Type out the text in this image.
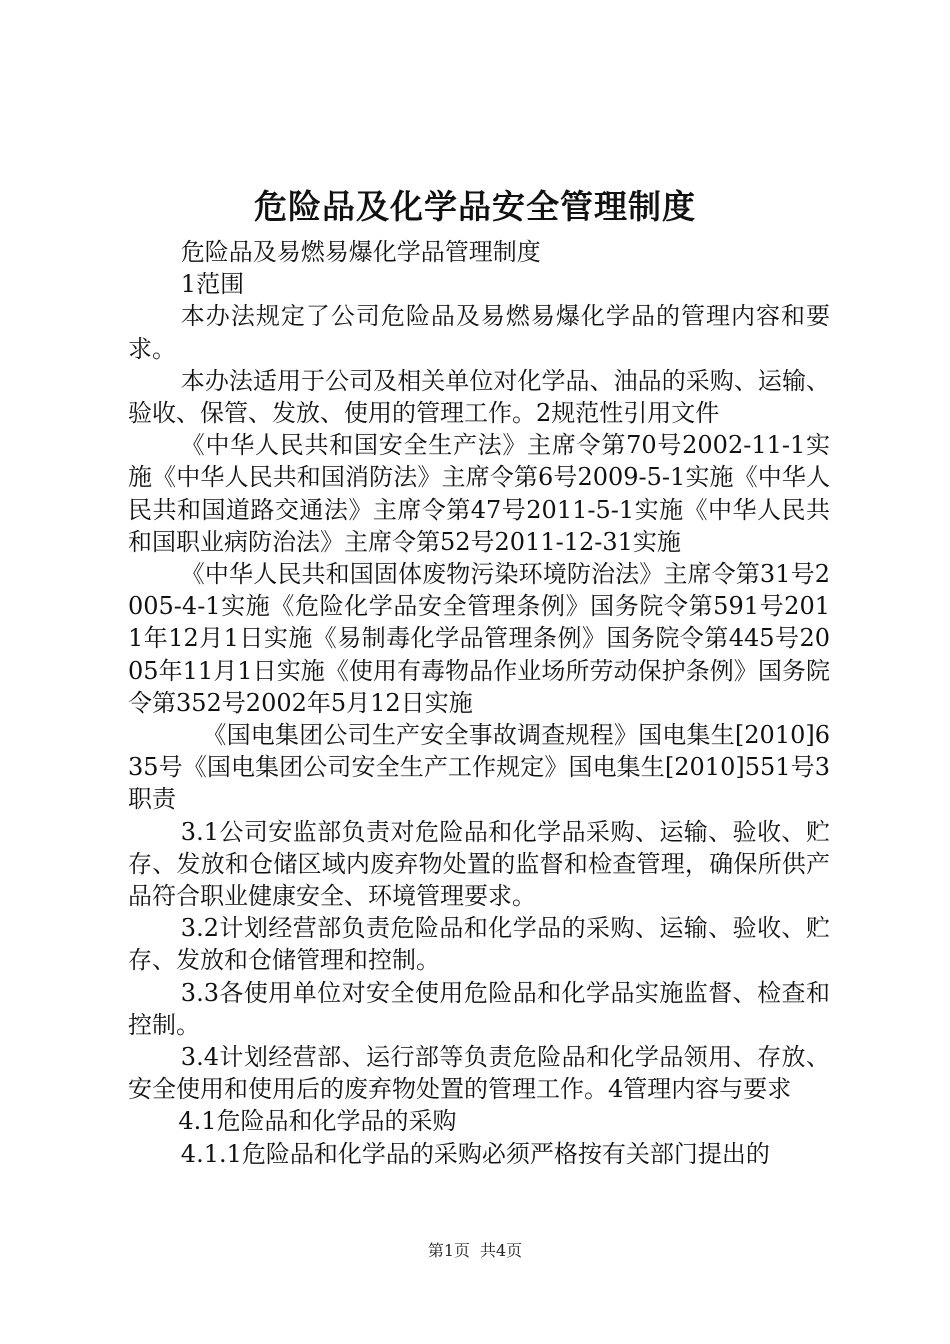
危险品及化学品安全管理制度

危险品及易燃易爆化学品管理制度

1范围

本办法规定了公司危险品及易燃易爆化学品的管理内容和要求。

本办法适用于公司及相关单位对化学品、油品的采购、运输、验收、保管、发放、使用的管理工作。2规范性引用文件

《中华人民共和国安全生产法》主席令第70号2002-11-1实施《中华人民共和国消防法》主席令第6号2009-5-1实施《中华人民共和国道路交通法》主席令第47号2011-5-1实施《中华人民共和国职业病防治法》主席令第52号2011-12-31实施

《中华人民共和国固体废物污染环境防治法》主席令第31号2005-4-1实施《危险化学品安全管理条例》国务院令第591号2011年12月1日实施《易制毒化学品管理条例》国务院令第445号2005年11月1日实施《使用有毒物品作业场所劳动保护条例》国务院令第352号2002年5月12日实施

《国电集团公司生产安全事故调查规程》国电集生[2010]635号《国电集团公司安全生产工作规定》国电集生[2010]551号3职责

3.1公司安监部负责对危险品和化学品采购、运输、验收、贮存、发放和仓储区域内废弃物处置的监督和检查管理，确保所供产品符合职业健康安全、环境管理要求。

3.2计划经营部负责危险品和化学品的采购、运输、验收、贮存、发放和仓储管理和控制。

3.3各使用单位对安全使用危险品和化学品实施监督、检查和控制。

3.4计划经营部、运行部等负责危险品和化学品领用、存放、安全使用和使用后的废弃物处置的管理工作。4管理内容与要求

4.1危险品和化学品的采购

4.1.1危险品和化学品的采购必须严格按有关部门提出的

第1页 共4页
